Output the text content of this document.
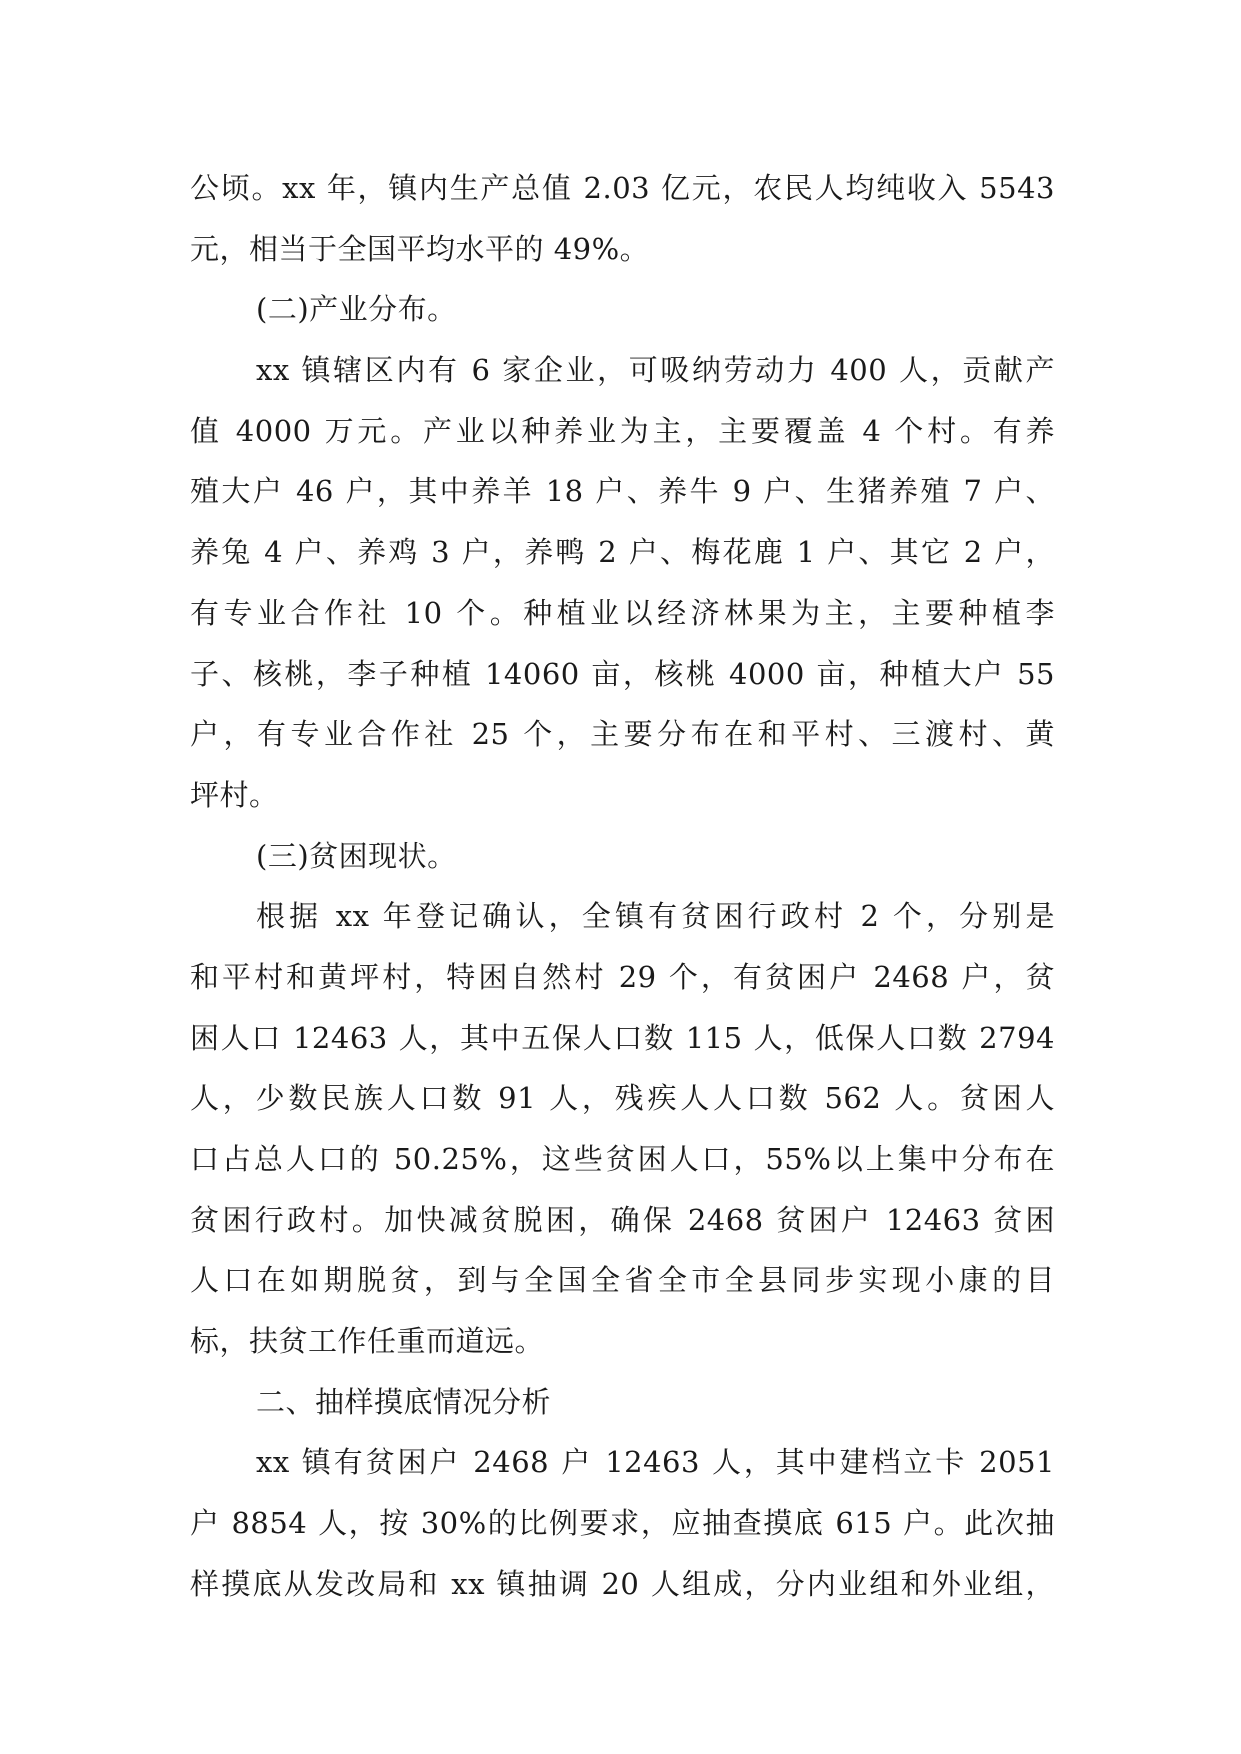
公顷。xx 年，镇内生产总值 2.03 亿元，农民人均纯收入 5543
元，相当于全国平均水平的 49%。
(二)产业分布。
xx 镇辖区内有 6 家企业，可吸纳劳动力 400 人，贡献产
值 4000 万元。产业以种养业为主，主要覆盖 4 个村。有养
殖大户 46 户，其中养羊 18 户、养牛 9 户、生猪养殖 7 户、
养兔 4 户、养鸡 3 户，养鸭 2 户、梅花鹿 1 户、其它 2 户，
有专业合作社 10 个。种植业以经济林果为主，主要种植李
子、核桃，李子种植 14060 亩，核桃 4000 亩，种植大户 55
户，有专业合作社 25 个，主要分布在和平村、三渡村、黄
坪村。
(三)贫困现状。
根据 xx 年登记确认，全镇有贫困行政村 2 个，分别是
和平村和黄坪村，特困自然村 29 个，有贫困户 2468 户，贫
困人口 12463 人，其中五保人口数 115 人，低保人口数 2794
人，少数民族人口数 91 人，残疾人人口数 562 人。贫困人
口占总人口的 50.25%，这些贫困人口，55%以上集中分布在
贫困行政村。加快减贫脱困，确保 2468 贫困户 12463 贫困
人口在如期脱贫，到与全国全省全市全县同步实现小康的目
标，扶贫工作任重而道远。
二、抽样摸底情况分析
xx 镇有贫困户 2468 户 12463 人，其中建档立卡 2051
户 8854 人，按 30%的比例要求，应抽查摸底 615 户。此次抽
样摸底从发改局和 xx 镇抽调 20 人组成，分内业组和外业组，
